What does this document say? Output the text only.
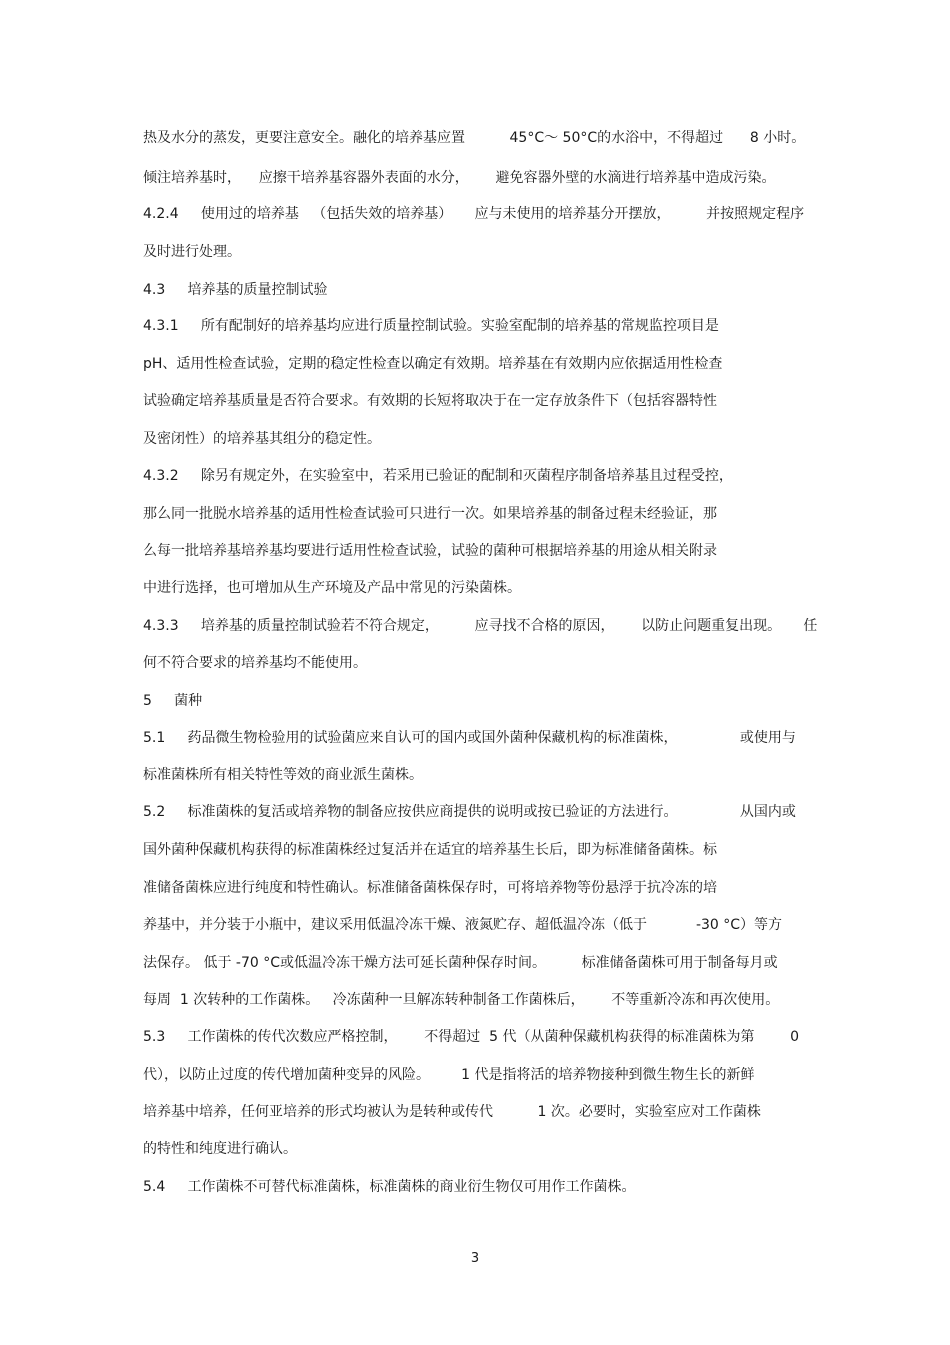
热及水分的蒸发，更要注意安全。融化的培养基应置          45°C～ 50°C的水浴中，不得超过      8 小时。

倾注培养基时，    应擦干培养基容器外表面的水分，      避免容器外壁的水滴进行培养基中造成污染。

4.2.4     使用过的培养基   （包括失效的培养基）     应与未使用的培养基分开摆放，        并按照规定程序

及时进行处理。

4.3     培养基的质量控制试验

4.3.1     所有配制好的培养基均应进行质量控制试验。实验室配制的培养基的常规监控项目是

pH、适用性检查试验，定期的稳定性检查以确定有效期。培养基在有效期内应依据适用性检查

试验确定培养基质量是否符合要求。有效期的长短将取决于在一定存放条件下（包括容器特性

及密闭性）的培养基其组分的稳定性。

4.3.2     除另有规定外，在实验室中，若采用已验证的配制和灭菌程序制备培养基且过程受控，

那么同一批脱水培养基的适用性检查试验可只进行一次。如果培养基的制备过程未经验证，那

么每一批培养基培养基均要进行适用性检查试验，试验的菌种可根据培养基的用途从相关附录

中进行选择，也可增加从生产环境及产品中常见的污染菌株。

4.3.3     培养基的质量控制试验若不符合规定，        应寻找不合格的原因，      以防止问题重复出现。     任

何不符合要求的培养基均不能使用。

5     菌种

5.1     药品微生物检验用的试验菌应来自认可的国内或国外菌种保藏机构的标准菌株，              或使用与

标准菌株所有相关特性等效的商业派生菌株。

5.2     标准菌株的复活或培养物的制备应按供应商提供的说明或按已验证的方法进行。              从国内或

国外菌种保藏机构获得的标准菌株经过复活并在适宜的培养基生长后，即为标准储备菌株。标

准储备菌株应进行纯度和特性确认。标准储备菌株保存时，可将培养物等份悬浮于抗冷冻的培

养基中，并分装于小瓶中，建议采用低温冷冻干燥、液氮贮存、超低温冷冻（低于           -30 °C）等方

法保存。 低于 -70 °C或低温冷冻干燥方法可延长菌种保存时间。        标准储备菌株可用于制备每月或

每周  1 次转种的工作菌株。   冷冻菌种一旦解冻转种制备工作菌株后，      不等重新冷冻和再次使用。

5.3     工作菌株的传代次数应严格控制，      不得超过  5 代（从菌种保藏机构获得的标准菌株为第        0

代），以防止过度的传代增加菌种变异的风险。       1 代是指将活的培养物接种到微生物生长的新鲜

培养基中培养，任何亚培养的形式均被认为是转种或传代          1 次。必要时，实验室应对工作菌株

的特性和纯度进行确认。

5.4     工作菌株不可替代标准菌株，标准菌株的商业衍生物仅可用作工作菌株。

3
